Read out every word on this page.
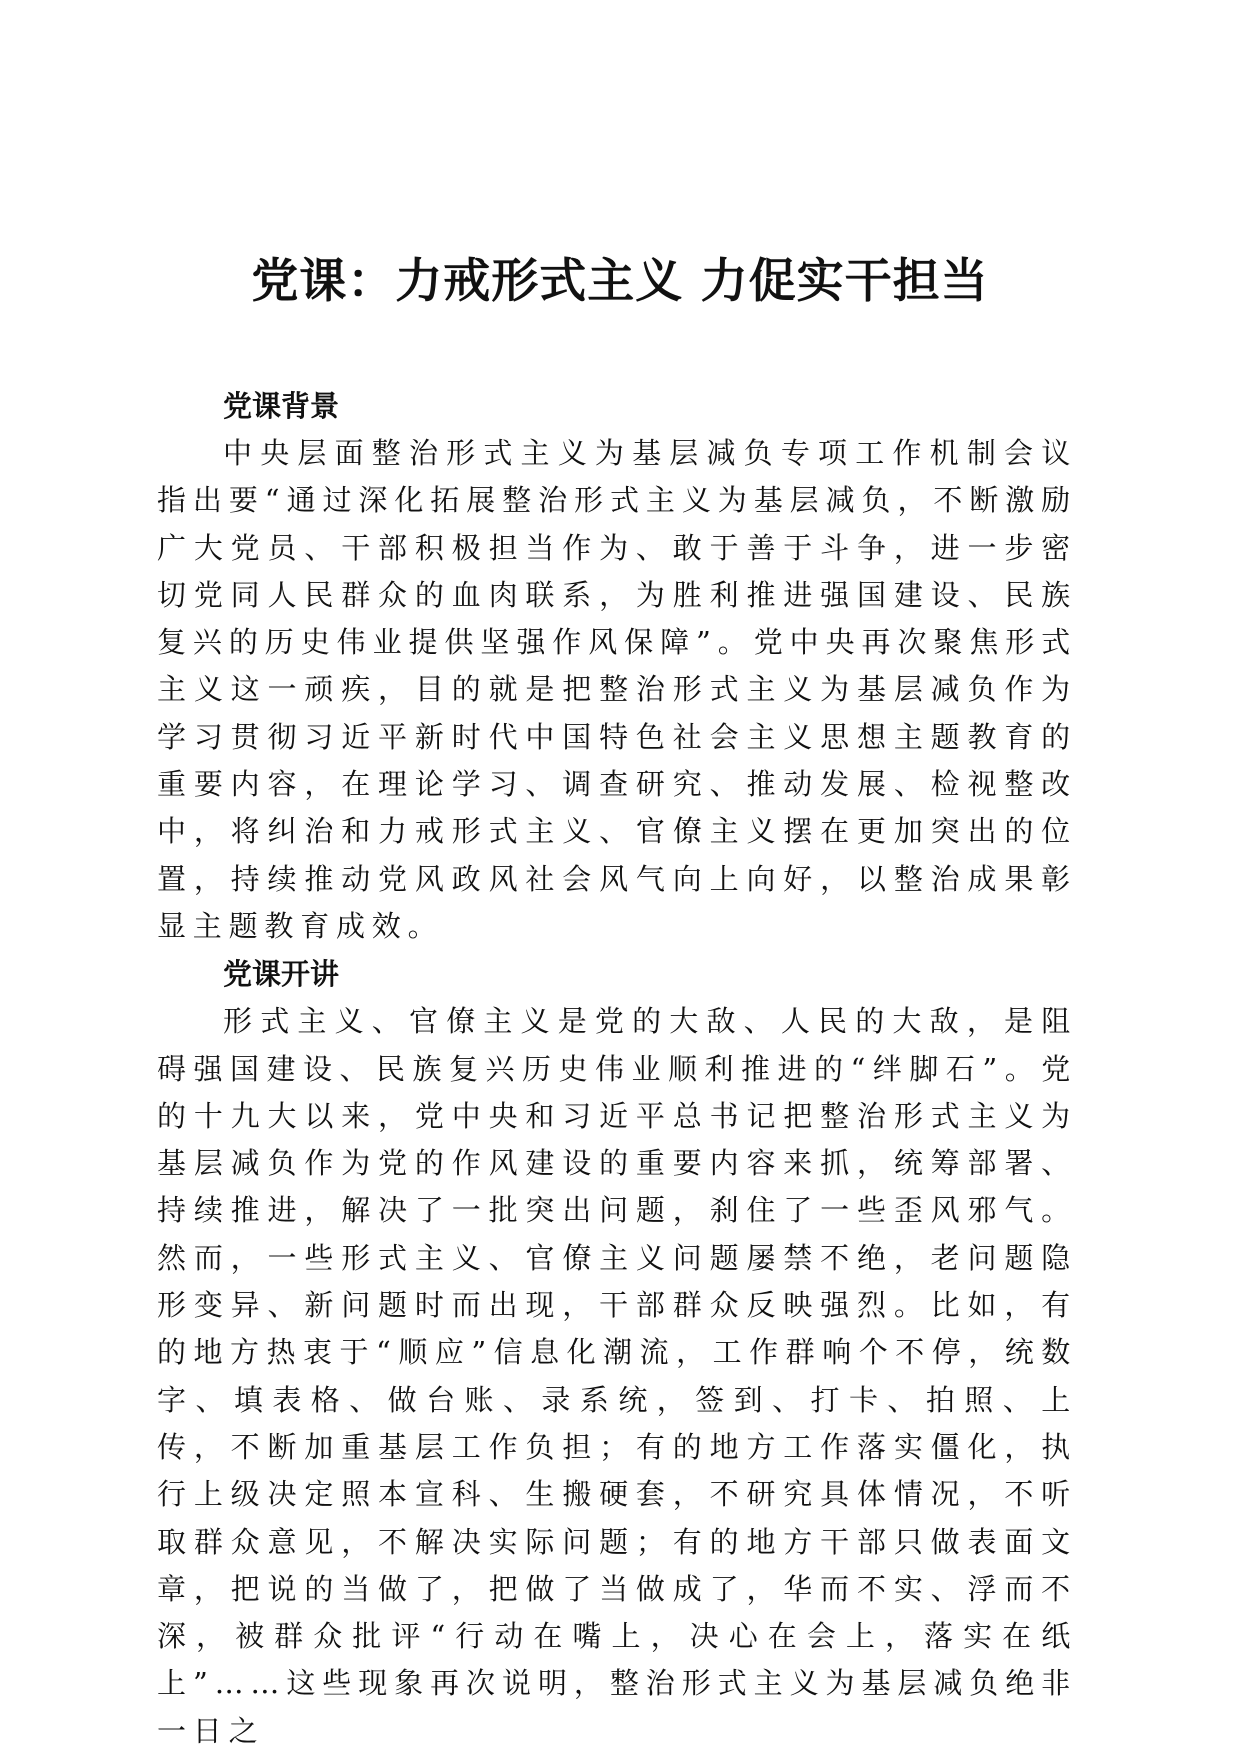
党课：力戒形式主义 力促实干担当
党课背景

中央层面整治形式主义为基层减负专项工作机制会议指出要“通过深化拓展整治形式主义为基层减负，不断激励广大党员、干部积极担当作为、敢于善于斗争，进一步密切党同人民群众的血肉联系，为胜利推进强国建设、民族复兴的历史伟业提供坚强作风保障”。党中央再次聚焦形式主义这一顽疾，目的就是把整治形式主义为基层减负作为学习贯彻习近平新时代中国特色社会主义思想主题教育的重要内容，在理论学习、调查研究、推动发展、检视整改中，将纠治和力戒形式主义、官僚主义摆在更加突出的位置，持续推动党风政风社会风气向上向好，以整治成果彰显主题教育成效。

党课开讲

形式主义、官僚主义是党的大敌、人民的大敌，是阻碍强国建设、民族复兴历史伟业顺利推进的“绊脚石”。党的十九大以来，党中央和习近平总书记把整治形式主义为基层减负作为党的作风建设的重要内容来抓，统筹部署、持续推进，解决了一批突出问题，刹住了一些歪风邪气。然而，一些形式主义、官僚主义问题屡禁不绝，老问题隐形变异、新问题时而出现，干部群众反映强烈。比如，有的地方热衷于“顺应”信息化潮流，工作群响个不停，统数字、填表格、做台账、录系统，签到、打卡、拍照、上传，不断加重基层工作负担；有的地方工作落实僵化，执行上级决定照本宣科、生搬硬套，不研究具体情况，不听取群众意见，不解决实际问题；有的地方干部只做表面文章，把说的当做了，把做了当做成了，华而不实、浮而不深，被群众批评“行动在嘴上，决心在会上，落实在纸上”……这些现象再次说明，整治形式主义为基层减负绝非一日之
